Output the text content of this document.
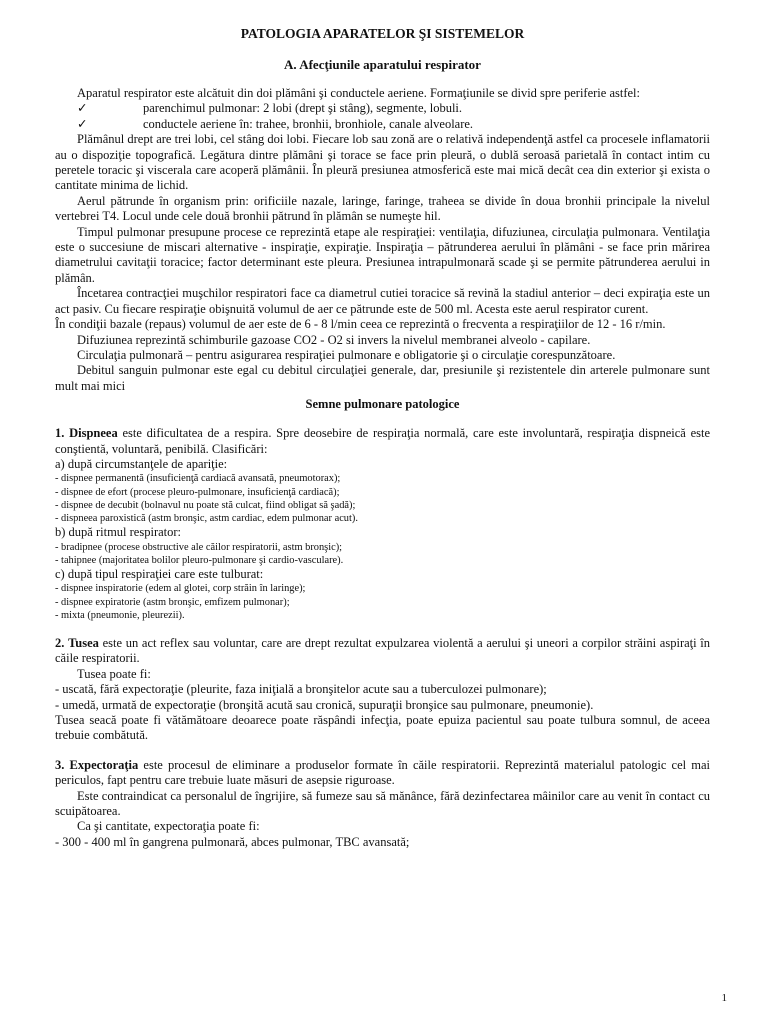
PATOLOGIA APARATELOR ŞI SISTEMELOR
A. Afecţiunile aparatului respirator

Aparatul respirator este alcătuit din doi plămâni şi conductele aeriene. Formaţiunile se divid spre periferie astfel:

✓	parenchimul pulmonar: 2 lobi (drept şi stâng), segmente, lobuli.
✓	conductele aeriene în: trahee, bronhii, bronhiole, canale alveolare.

Plămânul drept are trei lobi, cel stâng doi lobi. Fiecare lob sau zonă are o relativă independenţă astfel ca procesele inflamatorii au o dispoziţie topografică. Legătura dintre plămâni şi torace se face prin pleură, o dublă seroasă parietală în contact intim cu peretele toracic şi viscerala care acoperă plămânii. În pleură presiunea atmosferică este mai mică decât cea din exterior şi exista o cantitate minima de lichid.

Aerul pătrunde în organism prin: orificiile nazale, laringe, faringe, traheea se divide în doua bronhii principale la nivelul vertebrei T4. Locul unde cele două bronhii pătrund în plămân se numeşte hil.

Timpul pulmonar presupune procese ce reprezintă etape ale respiraţiei: ventilaţia, difuziunea, circulaţia pulmonara. Ventilaţia este o succesiune de miscari alternative - inspiraţie, expiraţie. Inspiraţia – pătrunderea aerului în plămâni - se face prin mărirea diametrului cavitaţii toracice; factor determinant este pleura. Presiunea intrapulmonară scade şi se permite pătrunderea aerului in plămân.

Încetarea contracţiei muşchilor respiratori face ca diametrul cutiei toracice să revină la stadiul anterior – deci expiraţia este un act pasiv. Cu fiecare respiraţie obişnuită volumul de aer ce pătrunde este de 500 ml. Acesta este aerul respirator curent.

În condiţii bazale (repaus) volumul de aer este de 6 - 8 l/min ceea ce reprezintă o frecventa a respiraţiilor de 12 - 16 r/min.

Difuziunea reprezintă schimburile gazoase CO2 - O2 si invers la nivelul membranei alveolo - capilare.

Circulaţia pulmonară – pentru asigurarea respiraţiei pulmonare e obligatorie şi o circulaţie corespunzătoare.

Debitul sanguin pulmonar este egal cu debitul circulaţiei generale, dar, presiunile şi rezistentele din arterele pulmonare sunt mult mai mici

Semne pulmonare patologice

1. Dispneea este dificultatea de a respira. Spre deosebire de respiraţia normală, care este involuntară, respiraţia dispneică este conştientă, voluntară, penibilă. Clasificări:

a) după circumstanţele de apariţie:

- dispnee permanentă (insuficienţă cardiacă avansată, pneumotorax);

- dispnee de efort (procese pleuro-pulmonare, insuficienţă cardiacă);

- dispnee de decubit (bolnavul nu poate stă culcat, fiind obligat să şadă);

- dispneea paroxistică (astm bronşic, astm cardiac, edem pulmonar acut).

b) după ritmul respirator:

- bradipnee (procese obstructive ale căilor respiratorii, astm bronşic);

- tahipnee (majoritatea bolilor pleuro-pulmonare şi cardio-vasculare).

c) după tipul respiraţiei care este tulburat:

- dispnee inspiratorie (edem al glotei, corp străin în laringe);

- dispnee expiratorie (astm bronşic, emfizem pulmonar);

- mixta (pneumonie, pleurezii).

2. Tusea este un act reflex sau voluntar, care are drept rezultat expulzarea violentă a aerului şi uneori a corpilor străini aspiraţi în căile respiratorii.

Tusea poate fi:

- uscată, fără expectoraţie (pleurite, faza iniţială a bronşitelor acute sau a tuberculozei pulmonare);

- umedă, urmată de expectoraţie (bronşită acută sau cronică, supuraţii bronşice sau pulmonare, pneumonie).

Tusea seacă poate fi vătămătoare deoarece poate răspândi infecţia, poate epuiza pacientul sau poate tulbura somnul, de aceea trebuie combătută.

3. Expectoraţia este procesul de eliminare a produselor formate în căile respiratorii. Reprezintă materialul patologic cel mai periculos, fapt pentru care trebuie luate măsuri de asepsie riguroase.

Este contraindicat ca personalul de îngrijire, să fumeze sau să mănânce, fără dezinfectarea mâinilor care au venit în contact cu scuipătoarea.

Ca şi cantitate, expectoraţia poate fi:

- 300 - 400 ml în gangrena pulmonară, abces pulmonar, TBC avansată;

1
